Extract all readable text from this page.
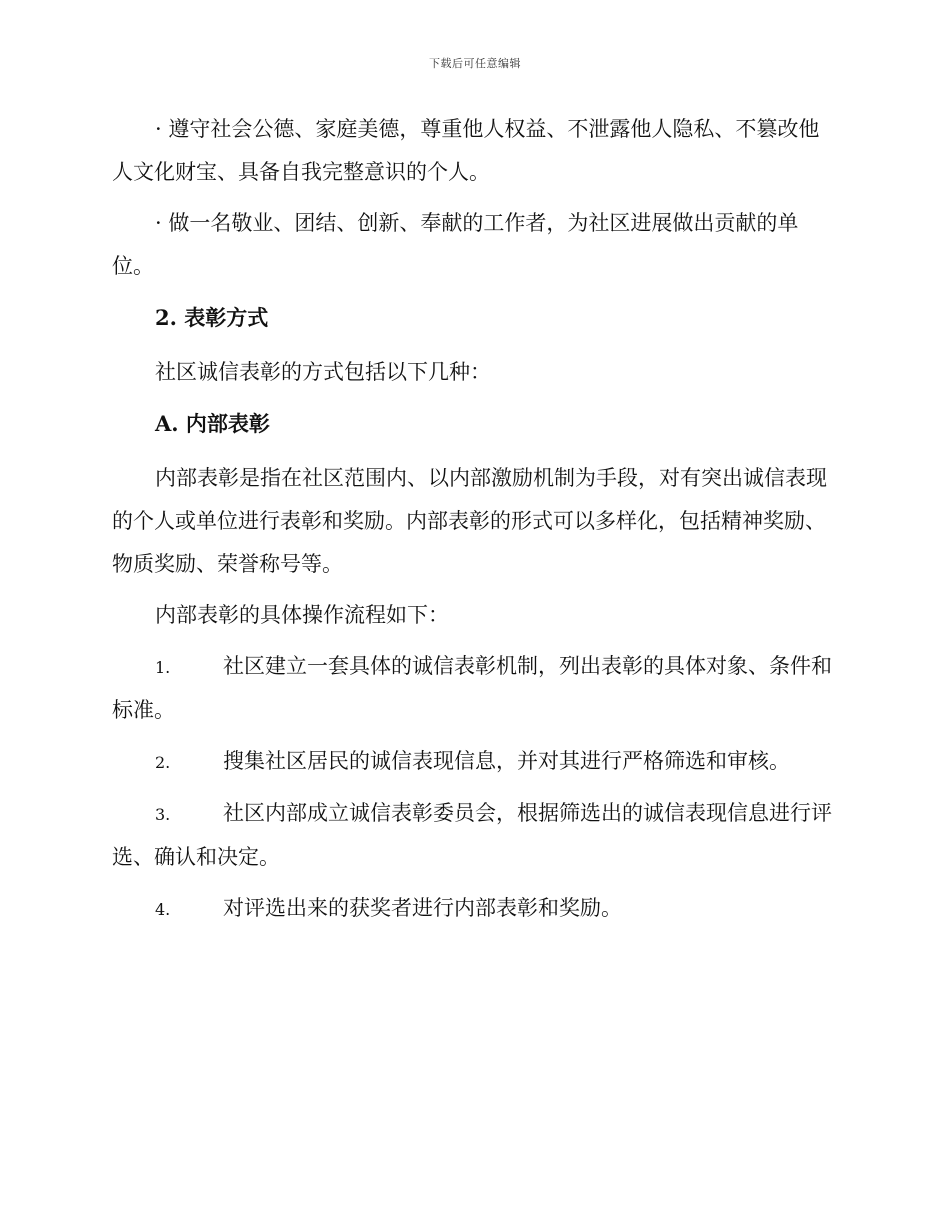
下载后可任意编辑

· 遵守社会公德、家庭美德，尊重他人权益、不泄露他人隐私、不篡改他人文化财宝、具备自我完整意识的个人。

· 做一名敬业、团结、创新、奉献的工作者，为社区进展做出贡献的单位。

2. 表彰方式

社区诚信表彰的方式包括以下几种：

A. 内部表彰

内部表彰是指在社区范围内、以内部激励机制为手段，对有突出诚信表现的个人或单位进行表彰和奖励。内部表彰的形式可以多样化，包括精神奖励、物质奖励、荣誉称号等。

内部表彰的具体操作流程如下：

1.	社区建立一套具体的诚信表彰机制，列出表彰的具体对象、条件和标准。

2.	搜集社区居民的诚信表现信息，并对其进行严格筛选和审核。

3.	社区内部成立诚信表彰委员会，根据筛选出的诚信表现信息进行评选、确认和决定。

4.	对评选出来的获奖者进行内部表彰和奖励。
